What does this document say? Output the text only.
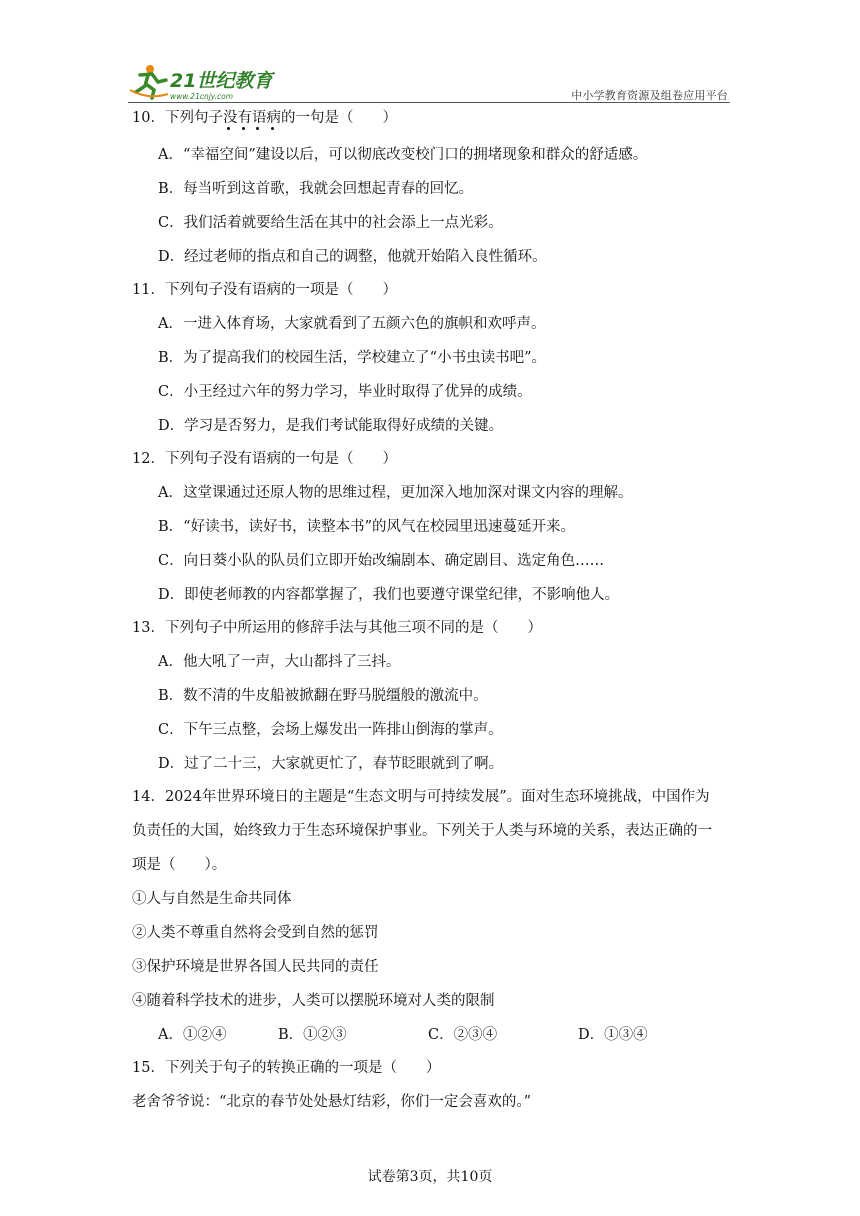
21世纪教育
www.21cnjy.com	中小学教育资源及组卷应用平台
10．下列句子没有语病
的一句是（　　）
A．“幸福空间”建设以后，可以彻底改变校门口的拥堵现象和群众的舒适感。
B．每当听到这首歌，我就会回想起青春的回忆。
C．我们活着就要给生活在其中的社会添上一点光彩。
D．经过老师的指点和自己的调整，他就开始陷入良性循环。
11．下列句子没有语病的一项是（　　）
A．一进入体育场，大家就看到了五颜六色的旗帜和欢呼声。
B．为了提高我们的校园生活，学校建立了“小书虫读书吧”。
C．小王经过六年的努力学习，毕业时取得了优异的成绩。
D．学习是否努力，是我们考试能取得好成绩的关键。
12．下列句子没有语病的一句是（　　）
A．这堂课通过还原人物的思维过程，更加深入地加深对课文内容的理解。
B．“好读书，读好书，读整本书”的风气在校园里迅速蔓延开来。
C．向日葵小队的队员们立即开始改编剧本、确定剧目、选定角色……
D．即使老师教的内容都掌握了，我们也要遵守课堂纪律，不影响他人。
13．下列句子中所运用的修辞手法与其他三项不同的是（　　）
A．他大吼了一声，大山都抖了三抖。
B．数不清的牛皮船被掀翻在野马脱缰般的激流中。
C．下午三点整，会场上爆发出一阵排山倒海的掌声。
D．过了二十三，大家就更忙了，春节眨眼就到了啊。
14．2024年世界环境日的主题是“生态文明与可持续发展”。面对生态环境挑战，中国作为
负责任的大国，始终致力于生态环境保护事业。下列关于人类与环境的关系，表达正确的一
项是（　　）。
①人与自然是生命共同体
②人类不尊重自然将会受到自然的惩罚
③保护环境是世界各国人民共同的责任
④随着科学技术的进步，人类可以摆脱环境对人类的限制
A．①②④	B．①②③	C．②③④	D．①③④
15．下列关于句子的转换正确的一项是（　　）
老舍爷爷说：“北京的春节处处悬灯结彩，你们一定会喜欢的。”
试卷第3页，共10页
